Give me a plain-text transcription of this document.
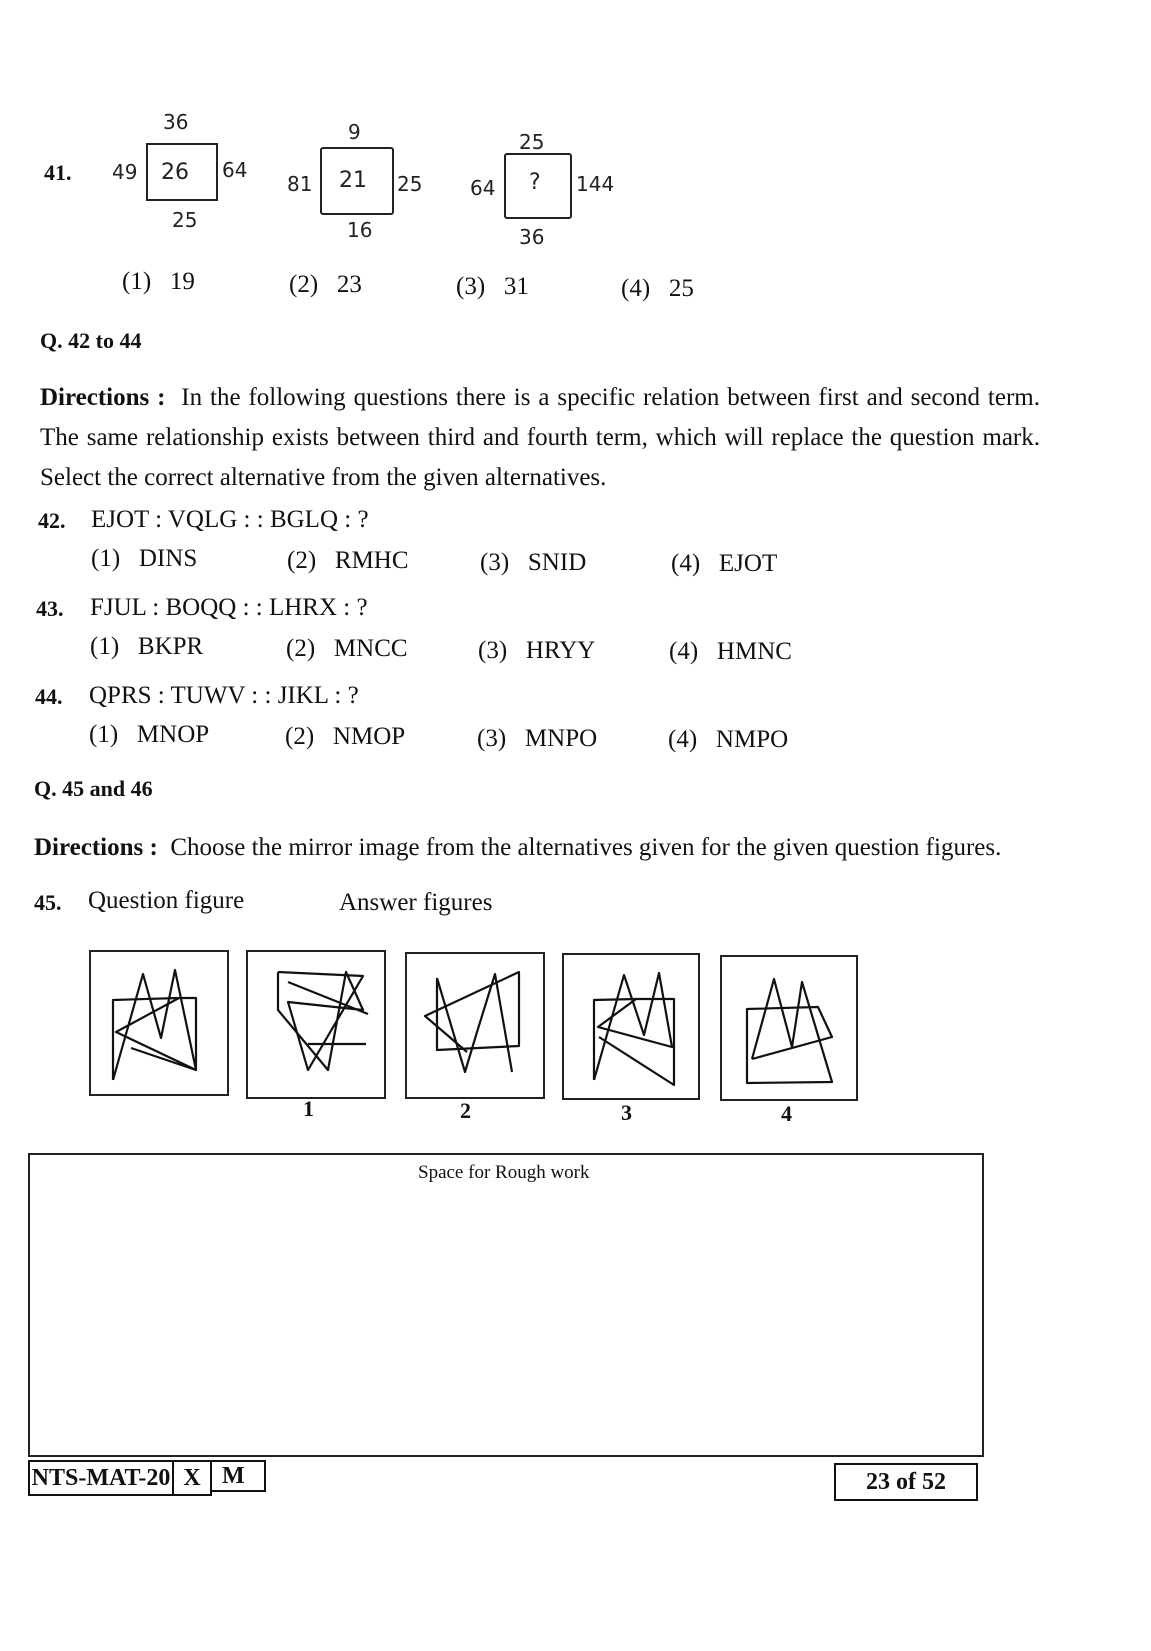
41.
36
49 26 64
25
9
81 21 25
16
25
64 ? 144
36
(1) 19	(2) 23	(3) 31	(4) 25
Q. 42 to 44
Directions : In the following questions there is a specific relation between first and second term. The same relationship exists between third and fourth term, which will replace the question mark. Select the correct alternative from the given alternatives.
42. EJOT : VQLG : : BGLQ : ?
(1) DINS	(2) RMHC	(3) SNID	(4) EJOT
43. FJUL : BOQQ : : LHRX : ?
(1) BKPR	(2) MNCC	(3) HRYY	(4) HMNC
44. QPRS : TUWV : : JIKL : ?
(1) MNOP	(2) NMOP	(3) MNPO	(4) NMPO
Q. 45 and 46
Directions : Choose the mirror image from the alternatives given for the given question figures.
45. Question figure	Answer figures
1	2	3	4
Space for Rough work
NTS-MAT-20 X M	23 of 52
